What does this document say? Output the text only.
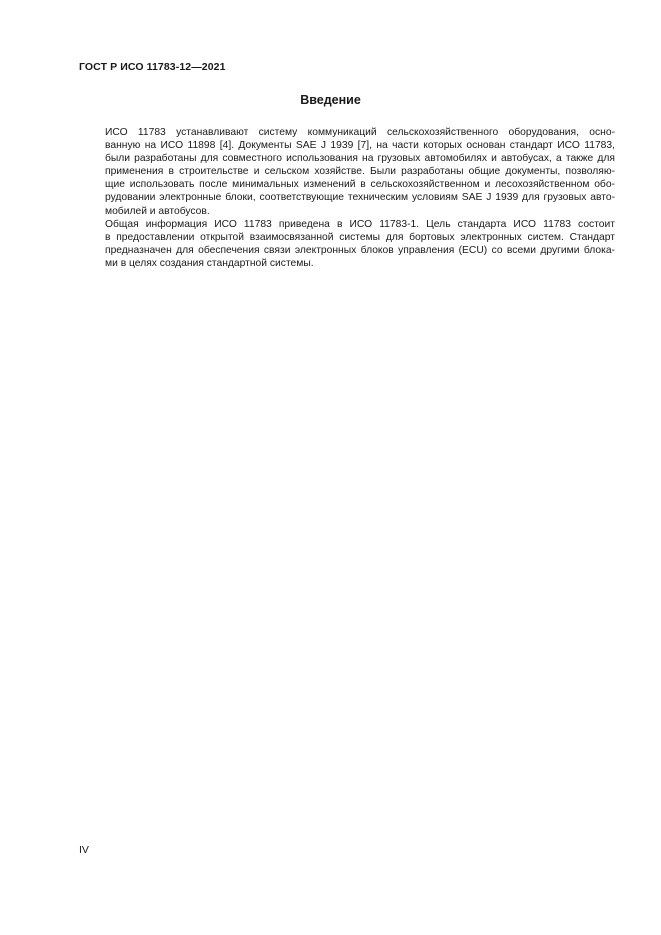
ГОСТ Р ИСО 11783-12—2021
Введение

ИСО 11783 устанавливают систему коммуникаций сельскохозяйственного оборудования, осно-
ванную на ИСО 11898 [4]. Документы SAE J 1939 [7], на части которых основан стандарт ИСО 11783,
были разработаны для совместного использования на грузовых автомобилях и автобусах, а также для
применения в строительстве и сельском хозяйстве. Были разработаны общие документы, позволяю-
щие использовать после минимальных изменений в сельскохозяйственном и лесохозяйственном обо-
рудовании электронные блоки, соответствующие техническим условиям SAE J 1939 для грузовых авто-
мобилей и автобусов.

Общая информация ИСО 11783 приведена в ИСО 11783-1. Цель стандарта ИСО 11783 состоит
в предоставлении открытой взаимосвязанной системы для бортовых электронных систем. Стандарт
предназначен для обеспечения связи электронных блоков управления (ECU) со всеми другими блока-
ми в целях создания стандартной системы.

IV
